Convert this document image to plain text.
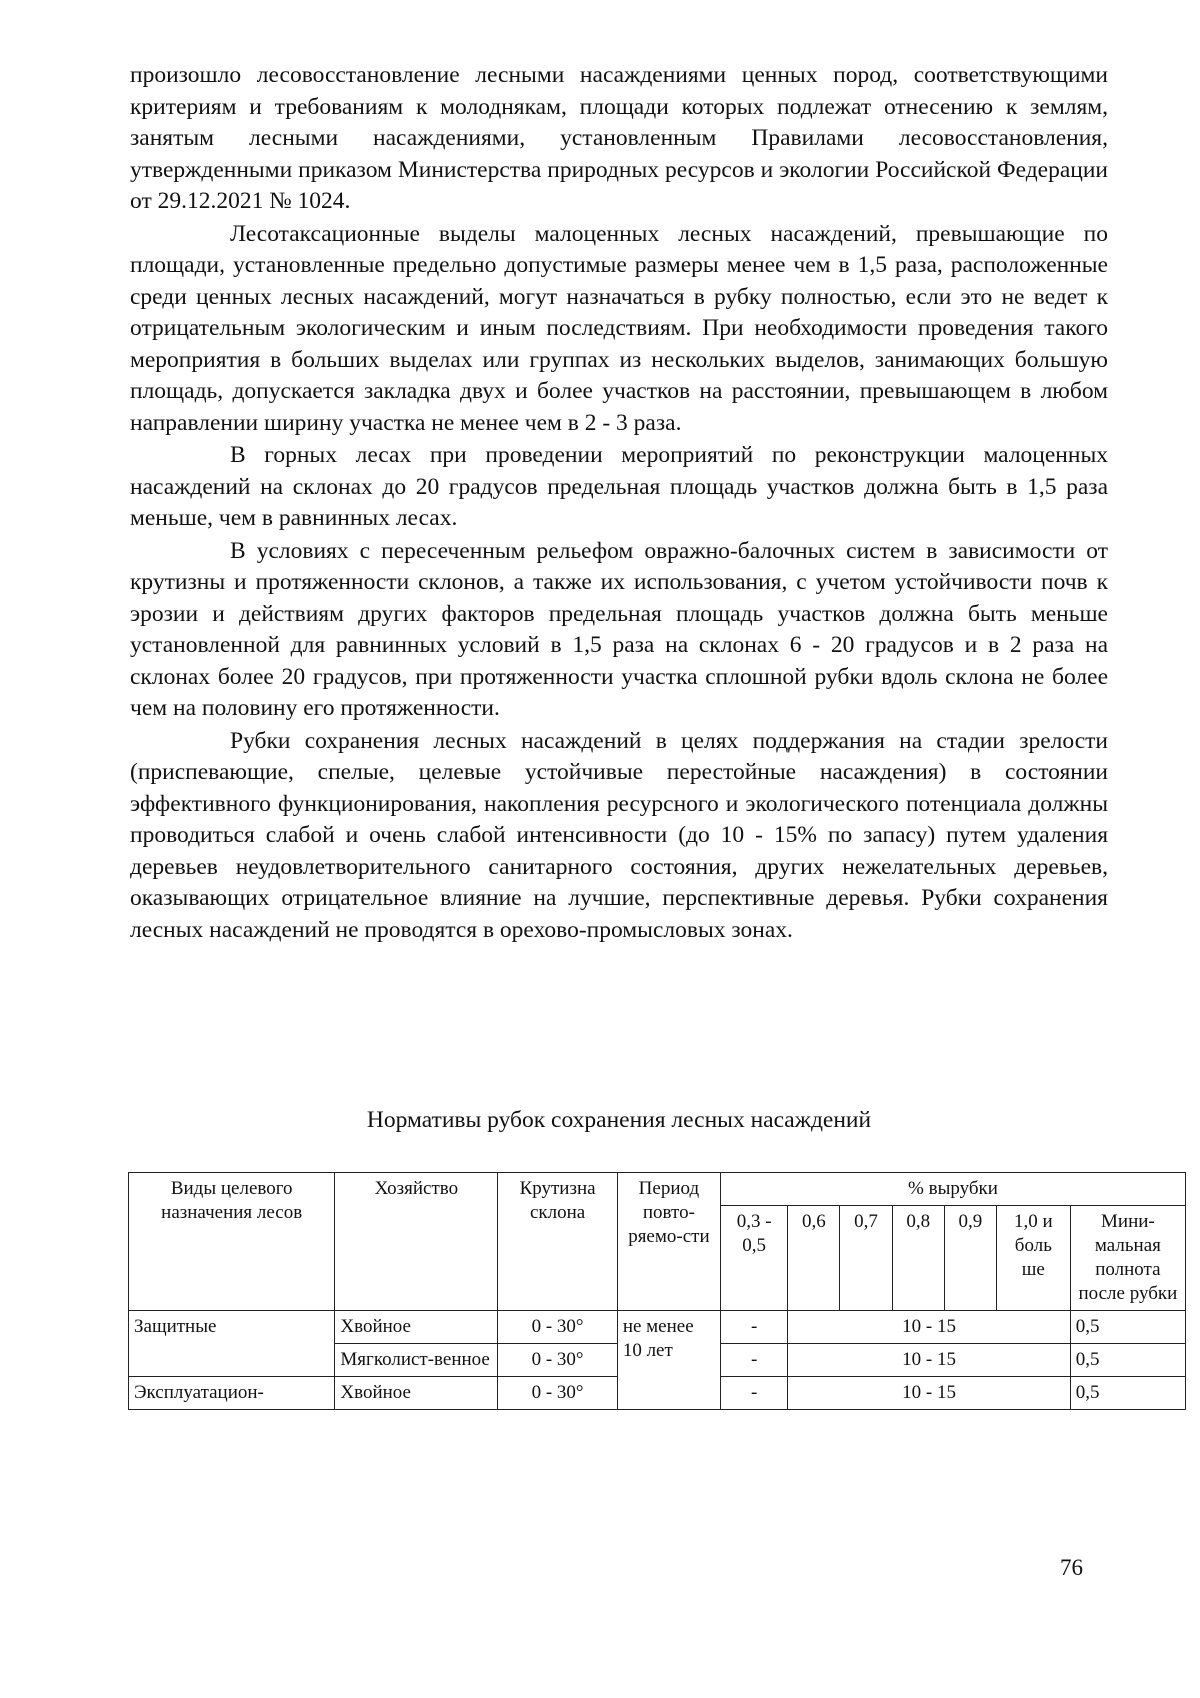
произошло лесовосстановление лесными насаждениями ценных пород, соответствующими критериям и требованиям к молоднякам, площади которых подлежат отнесению к землям, занятым лесными насаждениями, установленным Правилами лесовосстановления, утвержденными приказом Министерства природных ресурсов и экологии Российской Федерации от 29.12.2021 № 1024.

Лесотаксационные выделы малоценных лесных насаждений, превышающие по площади, установленные предельно допустимые размеры менее чем в 1,5 раза, расположенные среди ценных лесных насаждений, могут назначаться в рубку полностью, если это не ведет к отрицательным экологическим и иным последствиям. При необходимости проведения такого мероприятия в больших выделах или группах из нескольких выделов, занимающих большую площадь, допускается закладка двух и более участков на расстоянии, превышающем в любом направлении ширину участка не менее чем в 2 - 3 раза.

В горных лесах при проведении мероприятий по реконструкции малоценных насаждений на склонах до 20 градусов предельная площадь участков должна быть в 1,5 раза меньше, чем в равнинных лесах.

В условиях с пересеченным рельефом овражно-балочных систем в зависимости от крутизны и протяженности склонов, а также их использования, с учетом устойчивости почв к эрозии и действиям других факторов предельная площадь участков должна быть меньше установленной для равнинных условий в 1,5 раза на склонах 6 - 20 градусов и в 2 раза на склонах более 20 градусов, при протяженности участка сплошной рубки вдоль склона не более чем на половину его протяженности.

Рубки сохранения лесных насаждений в целях поддержания на стадии зрелости (приспевающие, спелые, целевые устойчивые перестойные насаждения) в состоянии эффективного функционирования, накопления ресурсного и экологического потенциала должны проводиться слабой и очень слабой интенсивности (до 10 - 15% по запасу) путем удаления деревьев неудовлетворительного санитарного состояния, других нежелательных деревьев, оказывающих отрицательное влияние на лучшие, перспективные деревья. Рубки сохранения лесных насаждений не проводятся в орехово-промысловых зонах.

Нормативы рубок сохранения лесных насаждений
Виды целевого назначения лесов	Хозяйство	Крутизна склона	Период повто-ряемо-сти	% вырубки						
				0,3 - 0,5	0,6	0,7	0,8	0,9	1,0 и боль ше	Мини-мальная полнота после рубки
Защитные	Хвойное	0 - 30°	не менее 10 лет	-	10 - 15					0,5
	Мягколист-венное	0 - 30°		-	10 - 15					0,5
Эксплуатацион-	Хвойное	0 - 30°		-	10 - 15					0,5
76
